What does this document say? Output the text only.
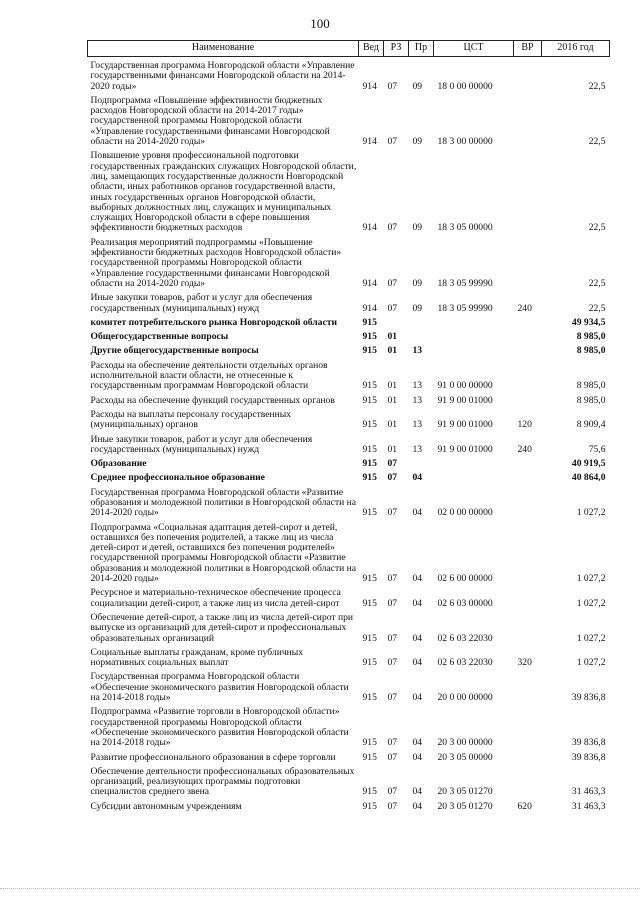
100
Наименование	Вед	РЗ	Пр	ЦСТ	ВР	2016 год
Государственная программа Новгородской области «Управление государственными финансами Новгородской области на 2014-2020 годы»	914	07	09	18 0 00 00000		22,5
Подпрограмма «Повышение эффективности бюджетных расходов Новгородской области на 2014-2017 годы» государственной программы Новгородской области «Управление государственными финансами Новгородской области на 2014-2020 годы»	914	07	09	18 3 00 00000		22,5
Повышение уровня профессиональной подготовки государственных гражданских служащих Новгородской области, лиц, замещающих государственные должности Новгородской области, иных работников органов государственной власти, иных государственных органов Новгородской области, выборных должностных лиц, служащих и муниципальных служащих Новгородской области в сфере повышения эффективности бюджетных расходов	914	07	09	18 3 05 00000		22,5
Реализация мероприятий подпрограммы «Повышение эффективности бюджетных расходов Новгородской области» государственной программы Новгородской области «Управление государственными финансами Новгородской области на 2014-2020 годы»	914	07	09	18 3 05 99990		22,5
Иные закупки товаров, работ и услуг для обеспечения государственных (муниципальных) нужд	914	07	09	18 3 05 99990	240	22,5
комитет потребительского рынка Новгородской области	915					49 934,5
Общегосударственные вопросы	915	01				8 985,0
Другие общегосударственные вопросы	915	01	13			8 985,0
Расходы на обеспечение деятельности отдельных органов исполнительной власти области, не отнесенные к государственным программам Новгородской области	915	01	13	91 0 00 00000		8 985,0
Расходы на обеспечение функций государственных органов	915	01	13	91 9 00 01000		8 985,0
Расходы на выплаты персоналу государственных (муниципальных) органов	915	01	13	91 9 00 01000	120	8 909,4
Иные закупки товаров, работ и услуг для обеспечения государственных (муниципальных) нужд	915	01	13	91 9 00 01000	240	75,6
Образование	915	07				40 919,5
Среднее профессиональное образование	915	07	04			40 864,0
Государственная программа Новгородской области «Развитие образования и молодежной политики в Новгородской области на 2014-2020 годы»	915	07	04	02 0 00 00000		1 027,2
Подпрограмма «Социальная адаптация детей-сирот и детей, оставшихся без попечения родителей, а также лиц из числа детей-сирот и детей, оставшихся без попечения родителей» государственной программы Новгородской области «Развитие образования и молодежной политики в Новгородской области на 2014-2020 годы»	915	07	04	02 6 00 00000		1 027,2
Ресурсное и материально-техническое обеспечение процесса социализации детей-сирот, а также лиц из числа детей-сирот	915	07	04	02 6 03 00000		1 027,2
Обеспечение детей-сирот, а также лиц из числа детей-сирот при выпуске из организаций для детей-сирот и профессиональных образовательных организаций	915	07	04	02 6 03 22030		1 027,2
Социальные выплаты гражданам, кроме публичных нормативных социальных выплат	915	07	04	02 6 03 22030	320	1 027,2
Государственная программа Новгородской области «Обеспечение экономического развития Новгородской области на 2014-2018 годы»	915	07	04	20 0 00 00000		39 836,8
Подпрограмма «Развитие торговли в Новгородской области» государственной программы Новгородской области «Обеспечение экономического развития Новгородской области на 2014-2018 годы»	915	07	04	20 3 00 00000		39 836,8
Развитие профессионального образования в сфере торговли	915	07	04	20 3 05 00000		39 836,8
Обеспечение деятельности профессиональных образовательных организаций, реализующих программы подготовки специалистов среднего звена	915	07	04	20 3 05 01270		31 463,3
Субсидии автономным учреждениям	915	07	04	20 3 05 01270	620	31 463,3
